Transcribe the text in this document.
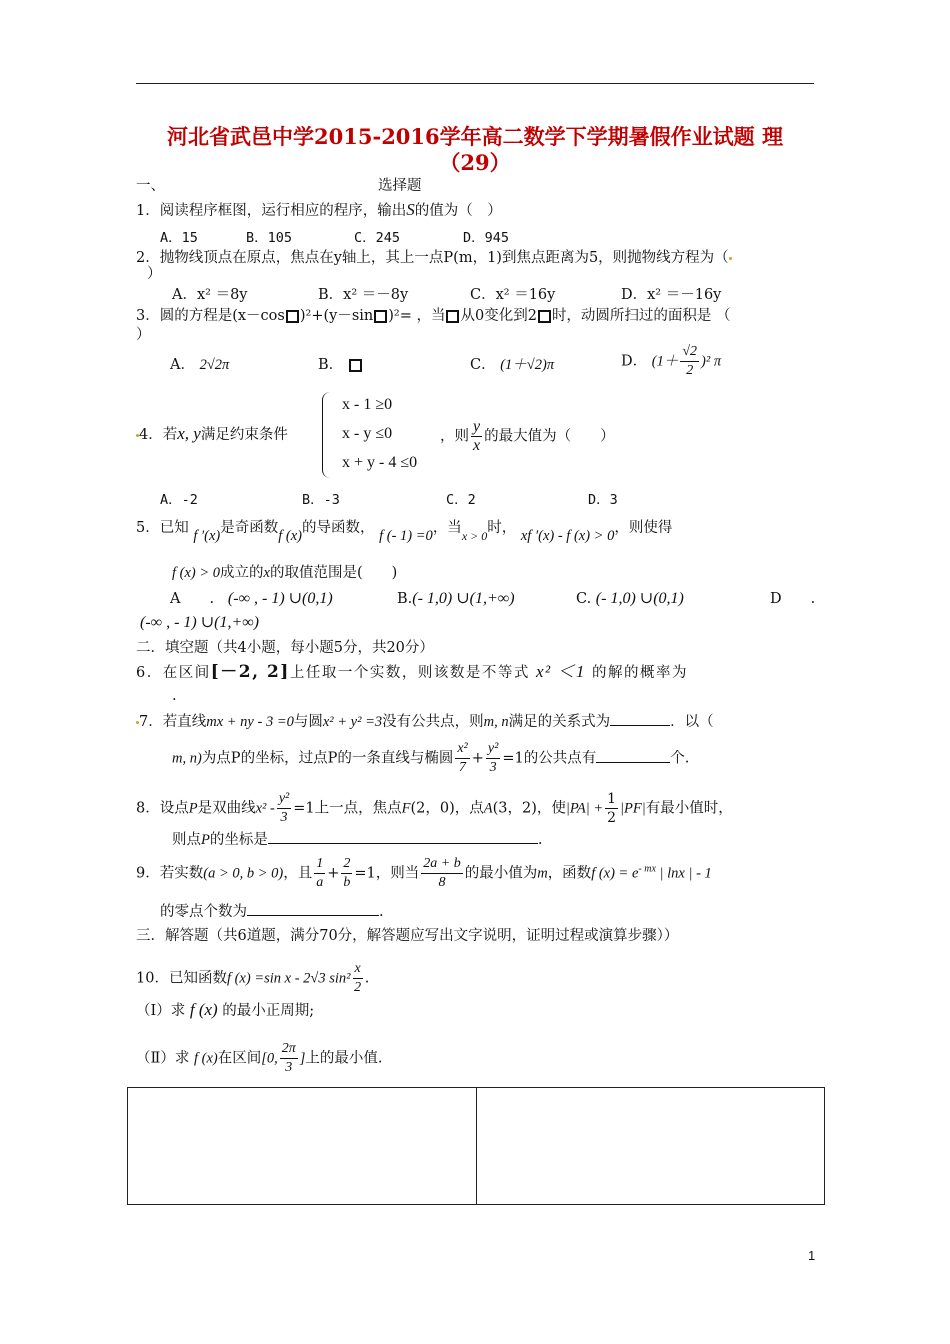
河北省武邑中学2015-2016学年高二数学下学期暑假作业试题 理
（29）
一、	选择题
1．阅读程序框图，运行相应的程序，输出S的值为（　）
A．15	B．105	C．245	D．945
2．抛物线顶点在原点，焦点在y轴上，其上一点P(m，1)到焦点距离为5，则抛物线方程为（
）
A．x² ＝8y	B．x² ＝－8y	C．x² ＝16y	D．x² ＝－16y
3．圆的方程是(x－cos )²+(y－sin )²= ，当 从0变化到2 时，动圆所扫过的面积是 （
）
A． 2√2π	B．	C． (1＋√2)π	D． $(1+ \frac{√2}{2} )^2$ π
4．若x, y满足约束条件
x - 1 ≥0
x - y ≤0
x + y - 4 ≤0
，则 $\frac{y}{x}$ 的最大值为（　　）
A．-2	B．-3	C．2	D．3
5．已知 f ′(x)是奇函数f (x)的导函数， f (- 1) =0，当$_{x > 0}$时， xf ′(x) - f (x) > 0，则使得
f (x) > 0成立的x的取值范围是(　　)
A　　. (-∞ , - 1) ∪(0,1)	B.(- 1,0) ∪(1,+∞)	C. (- 1,0) ∪(0,1)	D　　.
(-∞ , - 1) ∪(1,+∞)
二．填空题（共4小题，每小题5分，共20分）
6．在区间[－2, 2]上任取一个实数，则该数是不等式 x² ＜1 的解的概率为
.
7．若直线mx + ny - 3 =0与圆x² + y² =3没有公共点，则m, n满足的关系式为	．以（
m, n)为点P的坐标，过点P的一条直线与椭圆 $\frac{\text{x²}}{7} + \frac{\text{y²}}{3} =1$的公共点有	个.
8．设点P是双曲线$x^2 - \frac{\text{y²}}{3} =1$上一点，焦点F(2，0)，点A(3，2)，使$|PA| + \frac{1}{2} |PF|$有最小值时，
则点P的坐标是	.
9．若实数(a > 0, b > 0)，且 $\frac{1}{a} + \frac{2}{b} =1$，则当 $\frac{2a + b}{8}$ 的最小值为m，函数f $(x) = e^{- mx}$ | lnx | - 1
的零点个数为	.
三．解答题（共6道题，满分70分，解答题应写出文字说明，证明过程或演算步骤））
10．已知函数f (x) =sin x - 2√3 $\sin^2 \frac{x}{2}$ .
（Ⅰ）求 f (x) 的最小正周期;
（Ⅱ）求 f (x)在区间[0, $\frac{2\pi}{3}$ ]上的最小值.
1
